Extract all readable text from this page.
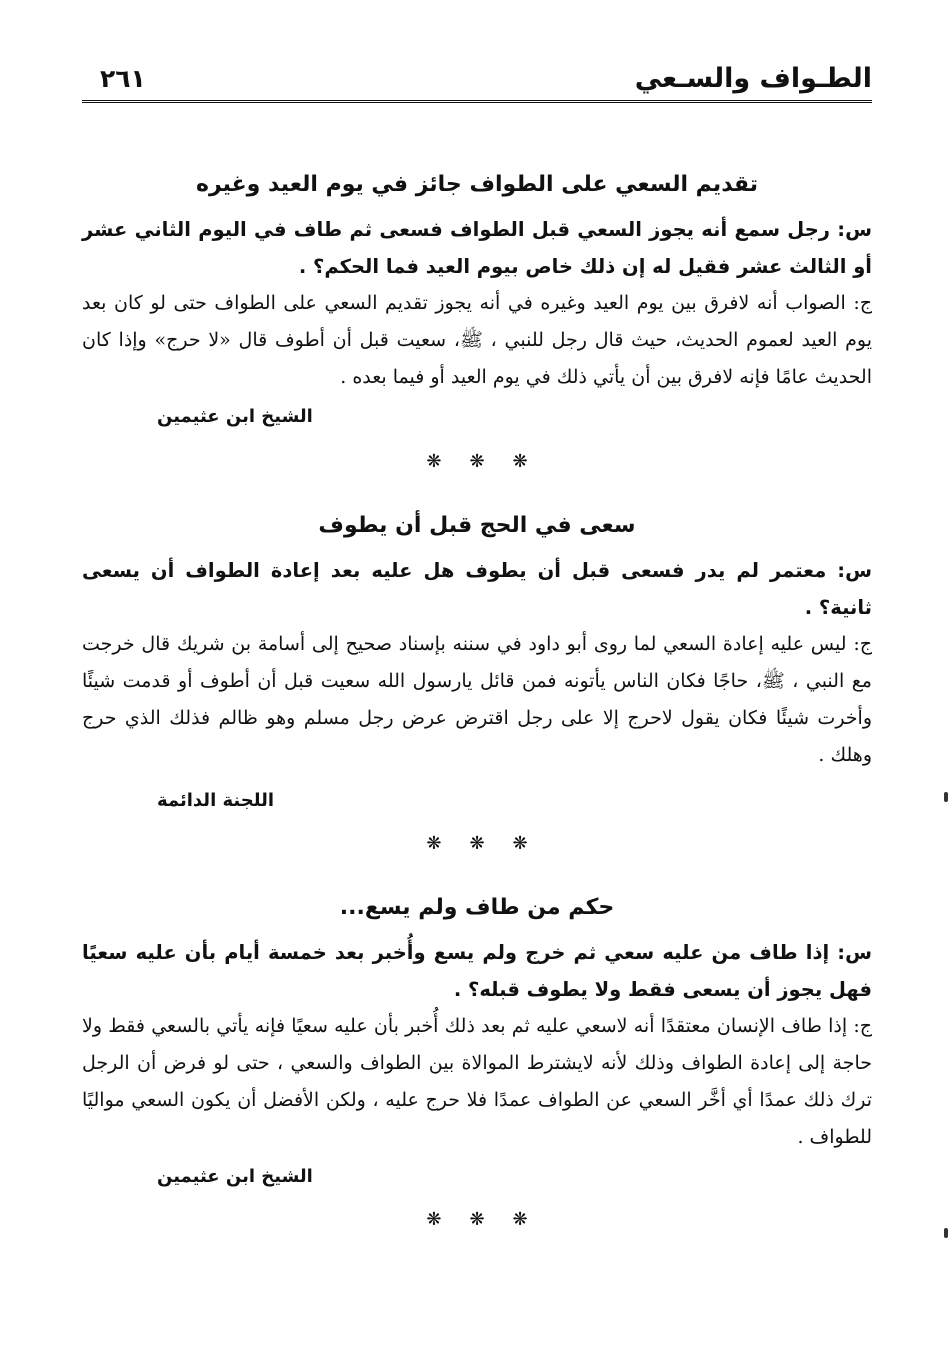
الطـواف والسـعي
٢٦١
تقديم السعي على الطواف جائز في يوم العيد وغيره

س: رجل سمع أنه يجوز السعي قبل الطواف فسعى ثم طاف في اليوم الثاني عشر أو الثالث عشر فقيل له إن ذلك خاص بيوم العيد فما الحكم؟ .

ج: الصواب أنه لافرق بين يوم العيد وغيره في أنه يجوز تقديم السعي على الطواف حتى لو كان بعد يوم العيد لعموم الحديث، حيث قال رجل للنبي ، ﷺ، سعيت قبل أن أطوف قال «لا حرج» وإذا كان الحديث عامًا فإنه لافرق بين أن يأتي ذلك في يوم العيد أو فيما بعده .

الشيخ ابن عثيمين

❋❋❋

سعى في الحج قبل أن يطوف

س: معتمر لم يدر فسعى قبل أن يطوف هل عليه بعد إعادة الطواف أن يسعى ثانية؟ .

ج: ليس عليه إعادة السعي لما روى أبو داود في سننه بإسناد صحيح إلى أسامة بن شريك قال خرجت مع النبي ، ﷺ، حاجًا فكان الناس يأتونه فمن قائل يارسول الله سعيت قبل أن أطوف أو قدمت شيئًا وأخرت شيئًا فكان يقول لاحرج إلا على رجل اقترض عرض رجل مسلم وهو ظالم فذلك الذي حرج وهلك .

اللجنة الدائمة

❋❋❋

حكم من طاف ولم يسع...

س: إذا طاف من عليه سعي ثم خرج ولم يسع وأُخبر بعد خمسة أيام بأن عليه سعيًا فهل يجوز أن يسعى فقط ولا يطوف قبله؟ .

ج: إذا طاف الإنسان معتقدًا أنه لاسعي عليه ثم بعد ذلك أُخبر بأن عليه سعيًا فإنه يأتي بالسعي فقط ولا حاجة إلى إعادة الطواف وذلك لأنه لايشترط الموالاة بين الطواف والسعي ، حتى لو فرض أن الرجل ترك ذلك عمدًا أي أخَّر السعي عن الطواف عمدًا فلا حرج عليه ، ولكن الأفضل أن يكون السعي مواليًا للطواف .

الشيخ ابن عثيمين

❋❋❋
